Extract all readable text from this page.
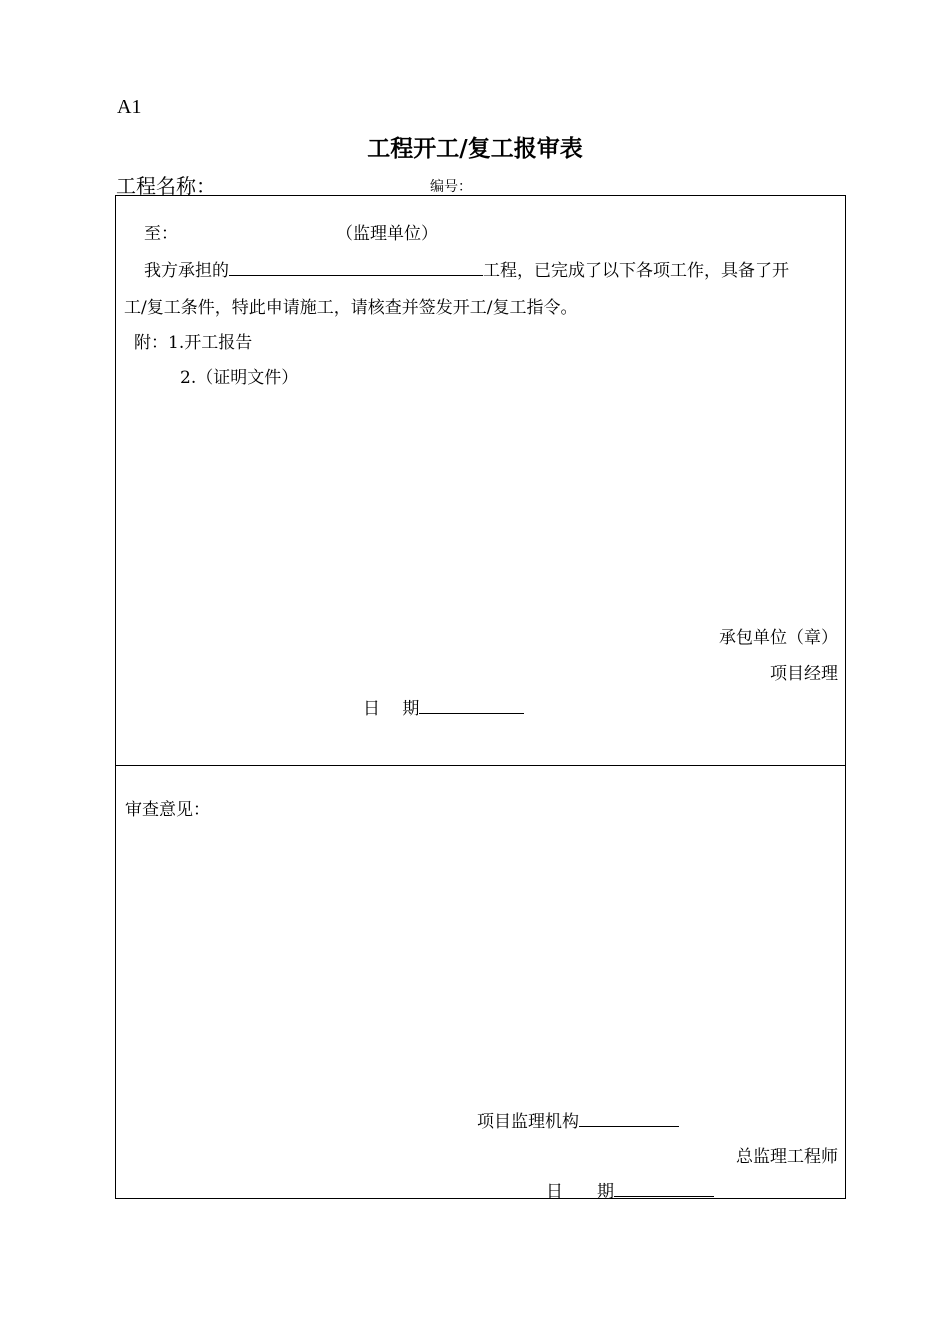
A1
工程开工/复工报审表
工程名称：	编号：
至：	（监理单位）
我方承担的	工程，已完成了以下各项工作，具备了开
工/复工条件，特此申请施工，请核查并签发开工/复工指令。
附：1.开工报告
2.（证明文件）
承包单位（章）
项目经理
日　 期
审查意见：
项目监理机构
总监理工程师
日　　期
